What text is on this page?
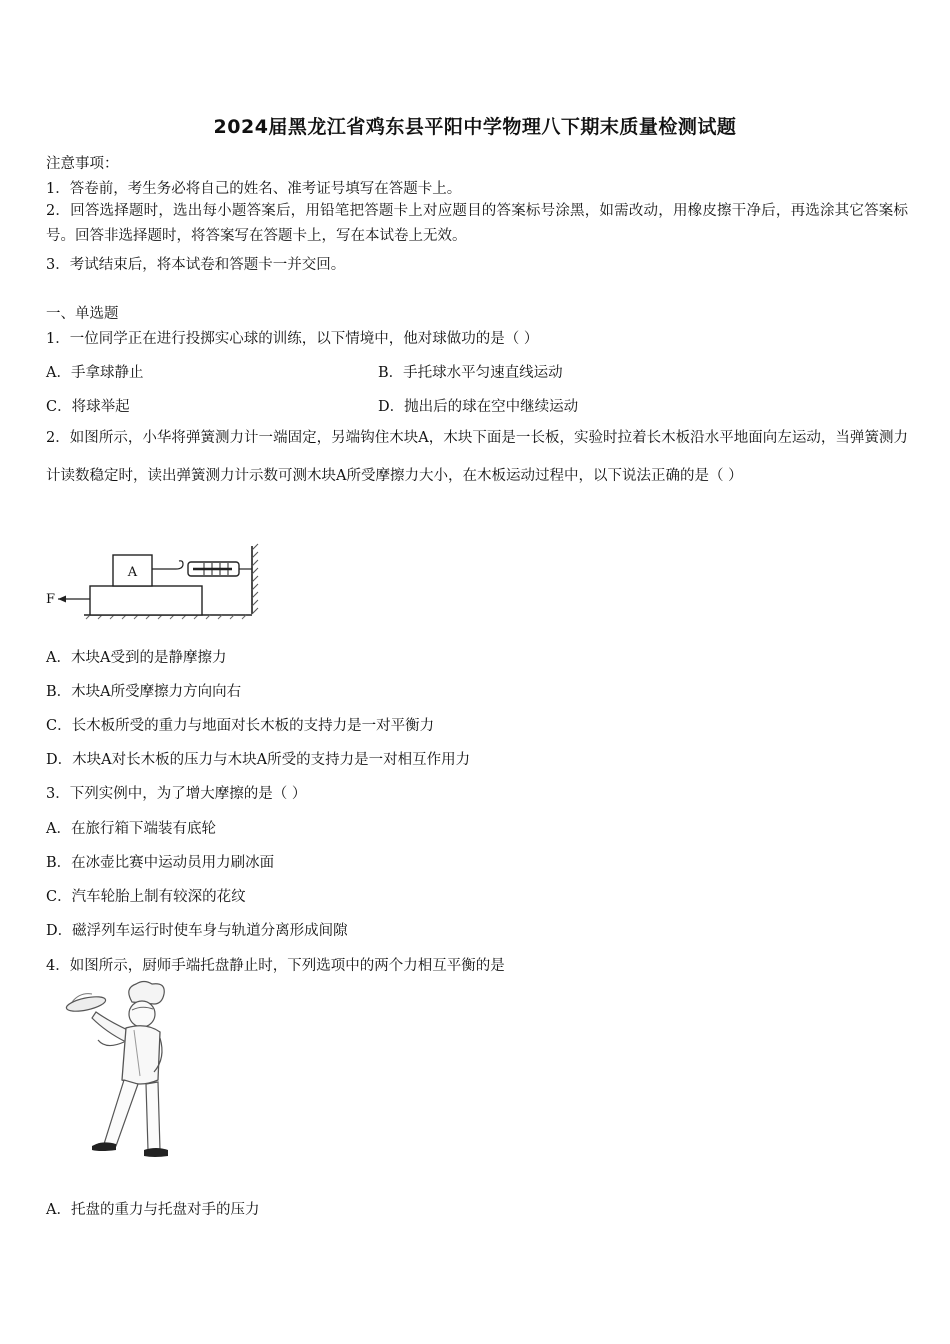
2024届黑龙江省鸡东县平阳中学物理八下期末质量检测试题
注意事项：
1．答卷前，考生务必将自己的姓名、准考证号填写在答题卡上。
2．回答选择题时，选出每小题答案后，用铅笔把答题卡上对应题目的答案标号涂黑，如需改动，用橡皮擦干净后，再选涂其它答案标号。回答非选择题时，将答案写在答题卡上，写在本试卷上无效。
3．考试结束后，将本试卷和答题卡一并交回。
一、单选题
1．一位同学正在进行投掷实心球的训练，以下情境中，他对球做功的是（ ）
A．手拿球静止	B．手托球水平匀速直线运动
C．将球举起	D．抛出后的球在空中继续运动
2．如图所示，小华将弹簧测力计一端固定，另端钩住木块A，木块下面是一长板，实验时拉着长木板沿水平地面向左运动，当弹簧测力计读数稳定时，读出弹簧测力计示数可测木块A所受摩擦力大小，在木板运动过程中，以下说法正确的是（ ）
A
F
A．木块A受到的是静摩擦力
B．木块A所受摩擦力方向向右
C．长木板所受的重力与地面对长木板的支持力是一对平衡力
D．木块A对长木板的压力与木块A所受的支持力是一对相互作用力
3．下列实例中，为了增大摩擦的是（ ）
A．在旅行箱下端装有底轮
B．在冰壶比赛中运动员用力刷冰面
C．汽车轮胎上制有较深的花纹
D．磁浮列车运行时使车身与轨道分离形成间隙
4．如图所示，厨师手端托盘静止时，下列选项中的两个力相互平衡的是
A．托盘的重力与托盘对手的压力
